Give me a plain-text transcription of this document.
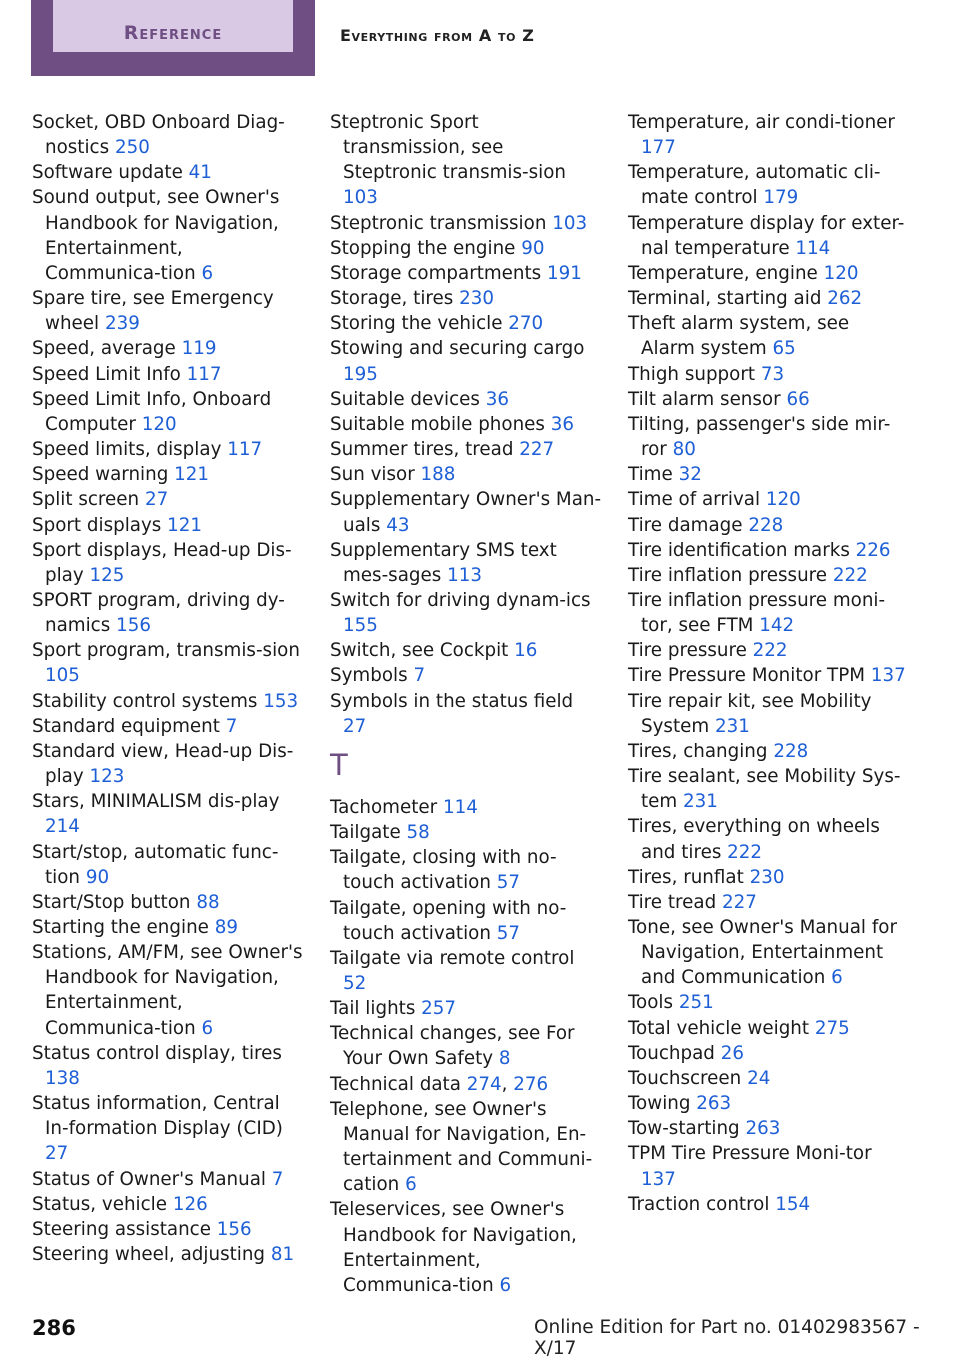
Reference	Everything from A to Z
Socket, OBD Onboard Diag-nostics 250
Software update 41
Sound output, see Owner's Handbook for Navigation, Entertainment, Communica-tion 6
Spare tire, see Emergency wheel 239
Speed, average 119
Speed Limit Info 117
Speed Limit Info, Onboard Computer 120
Speed limits, display 117
Speed warning 121
Split screen 27
Sport displays 121
Sport displays, Head-up Dis-play 125
SPORT program, driving dy-namics 156
Sport program, transmis-sion 105
Stability control systems 153
Standard equipment 7
Standard view, Head-up Dis-play 123
Stars, MINIMALISM dis-play 214
Start/stop, automatic func-tion 90
Start/Stop button 88
Starting the engine 89
Stations, AM/FM, see Owner's Handbook for Navigation, Entertainment, Communica-tion 6
Status control display, tires 138
Status information, Central In-formation Display (CID) 27
Status of Owner's Manual 7
Status, vehicle 126
Steering assistance 156
Steering wheel, adjusting 81
Steptronic Sport transmission, see Steptronic transmis-sion 103
Steptronic transmission 103
Stopping the engine 90
Storage compartments 191
Storage, tires 230
Storing the vehicle 270
Stowing and securing cargo 195
Suitable devices 36
Suitable mobile phones 36
Summer tires, tread 227
Sun visor 188
Supplementary Owner's Man-uals 43
Supplementary SMS text mes-sages 113
Switch for driving dynam-ics 155
Switch, see Cockpit 16
Symbols 7
Symbols in the status field 27
T
Tachometer 114
Tailgate 58
Tailgate, closing with no-touch activation 57
Tailgate, opening with no-touch activation 57
Tailgate via remote control 52
Tail lights 257
Technical changes, see For Your Own Safety 8
Technical data 274, 276
Telephone, see Owner's Manual for Navigation, En-tertainment and Communi-cation 6
Teleservices, see Owner's Handbook for Navigation, Entertainment, Communica-tion 6
Temperature, air condi-tioner 177
Temperature, automatic cli-mate control 179
Temperature display for exter-nal temperature 114
Temperature, engine 120
Terminal, starting aid 262
Theft alarm system, see Alarm system 65
Thigh support 73
Tilt alarm sensor 66
Tilting, passenger's side mir-ror 80
Time 32
Time of arrival 120
Tire damage 228
Tire identification marks 226
Tire inflation pressure 222
Tire inflation pressure moni-tor, see FTM 142
Tire pressure 222
Tire Pressure Monitor TPM 137
Tire repair kit, see Mobility System 231
Tires, changing 228
Tire sealant, see Mobility Sys-tem 231
Tires, everything on wheels and tires 222
Tires, runflat 230
Tire tread 227
Tone, see Owner's Manual for Navigation, Entertainment and Communication 6
Tools 251
Total vehicle weight 275
Touchpad 26
Touchscreen 24
Towing 263
Tow-starting 263
TPM Tire Pressure Moni-tor 137
Traction control 154
286	Online Edition for Part no. 01402983567 - X/17
